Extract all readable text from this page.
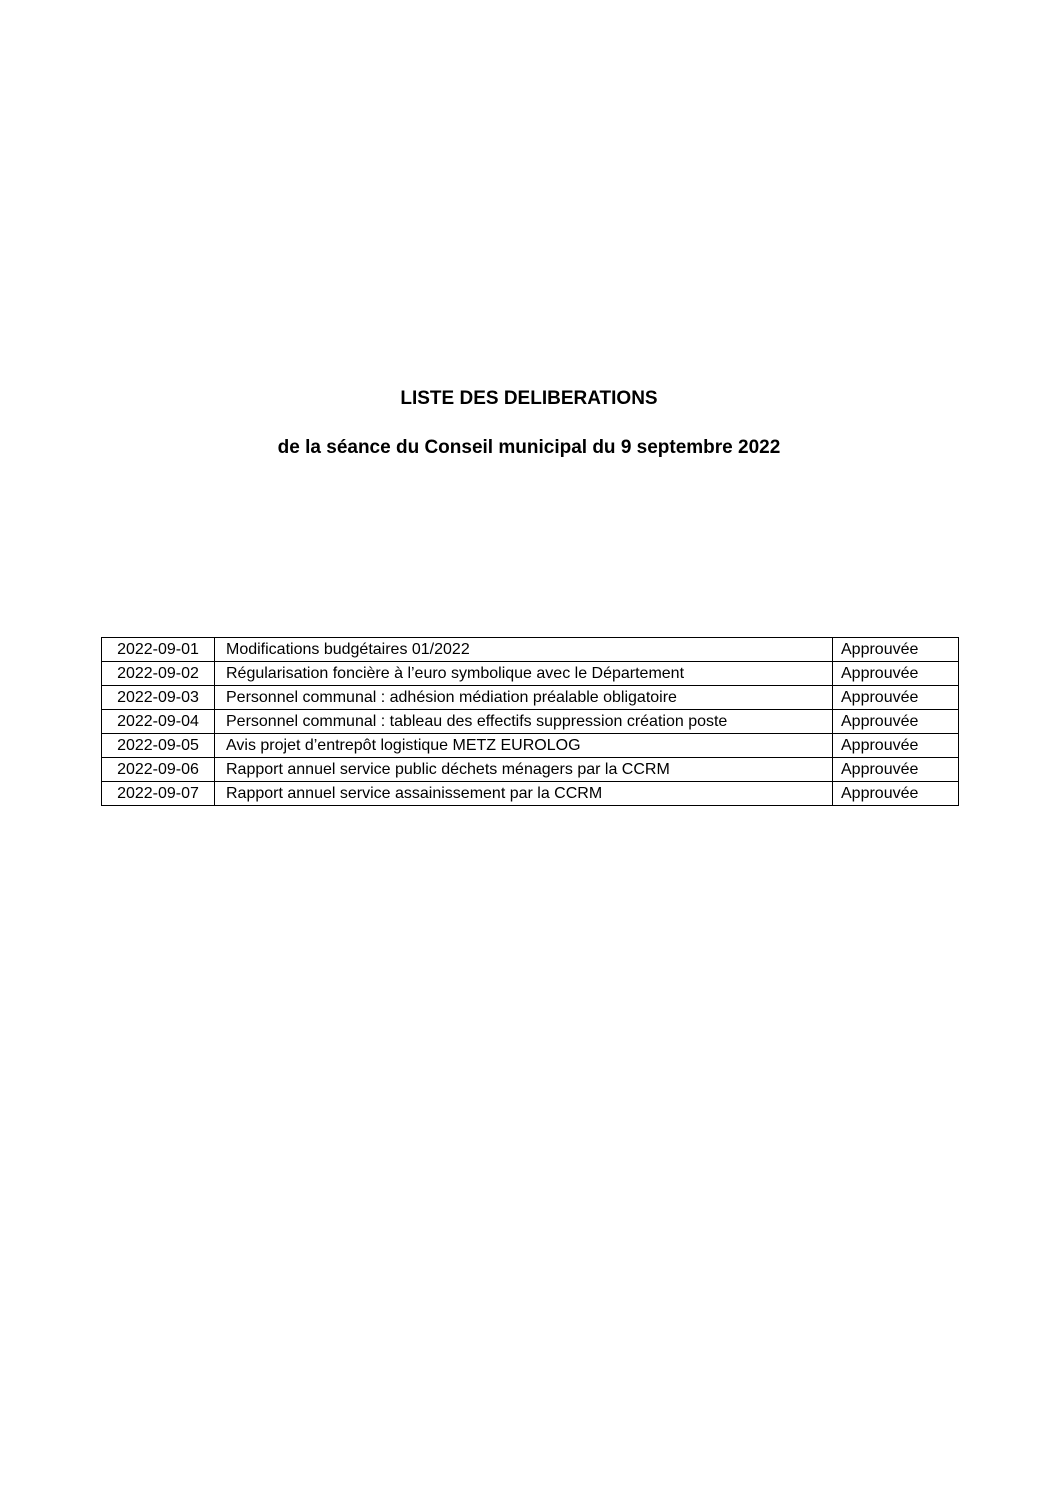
LISTE DES DELIBERATIONS
de la séance du Conseil municipal du 9 septembre 2022
2022-09-01	Modifications budgétaires 01/2022	Approuvée
2022-09-02	Régularisation foncière à l’euro symbolique avec le Département	Approuvée
2022-09-03	Personnel communal : adhésion médiation préalable obligatoire	Approuvée
2022-09-04	Personnel communal : tableau des effectifs suppression création poste	Approuvée
2022-09-05	Avis projet d’entrepôt logistique METZ EUROLOG	Approuvée
2022-09-06	Rapport annuel service public déchets ménagers par la CCRM	Approuvée
2022-09-07	Rapport annuel service assainissement par la CCRM	Approuvée
